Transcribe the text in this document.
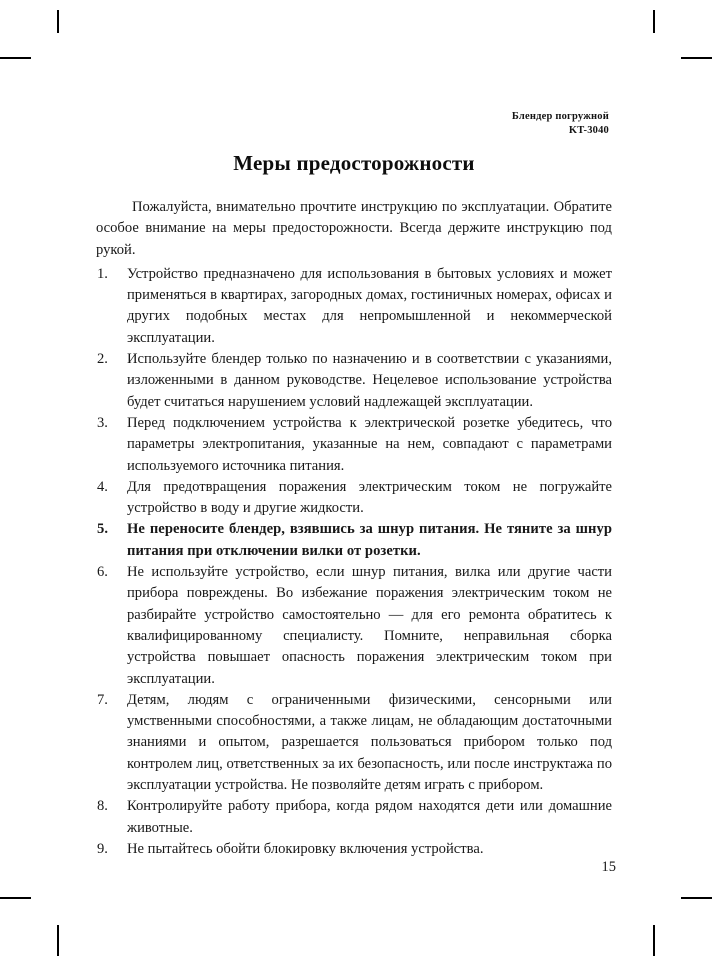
Блендер погружной
KT-3040
Меры предосторожности

Пожалуйста, внимательно прочтите инструкцию по эксплуатации. Обратите особое внимание на меры предосторожности. Всегда держите инструкцию под рукой.

Устройство предназначено для использования в бытовых условиях и может применяться в квартирах, загородных домах, гостиничных номерах, офисах и других подобных местах для непромышленной и некоммерческой эксплуатации.
Используйте блендер только по назначению и в соответствии с указаниями, изложенными в данном руководстве. Нецелевое использование устройства будет считаться нарушением условий надлежащей эксплуатации.
Перед подключением устройства к электрической розетке убедитесь, что параметры электропитания, указанные на нем, совпадают с параметрами используемого источника питания.
Для предотвращения поражения электрическим током не погружайте устройство в воду и другие жидкости.
Не переносите блендер, взявшись за шнур питания. Не тяните за шнур питания при отключении вилки от розетки.
Не используйте устройство, если шнур питания, вилка или другие части прибора повреждены. Во избежание поражения электрическим током не разбирайте устройство самостоятельно — для его ремонта обратитесь к квалифицированному специалисту. Помните, неправильная сборка устройства повышает опасность поражения электрическим током при эксплуатации.
Детям, людям с ограниченными физическими, сенсорными или умственными способностями, а также лицам, не обладающим достаточными знаниями и опытом, разрешается пользоваться прибором только под контролем лиц, ответственных за их безопасность, или после инструктажа по эксплуатации устройства. Не позволяйте детям играть с прибором.
Контролируйте работу прибора, когда рядом находятся дети или домашние животные.
Не пытайтесь обойти блокировку включения устройства.
15
